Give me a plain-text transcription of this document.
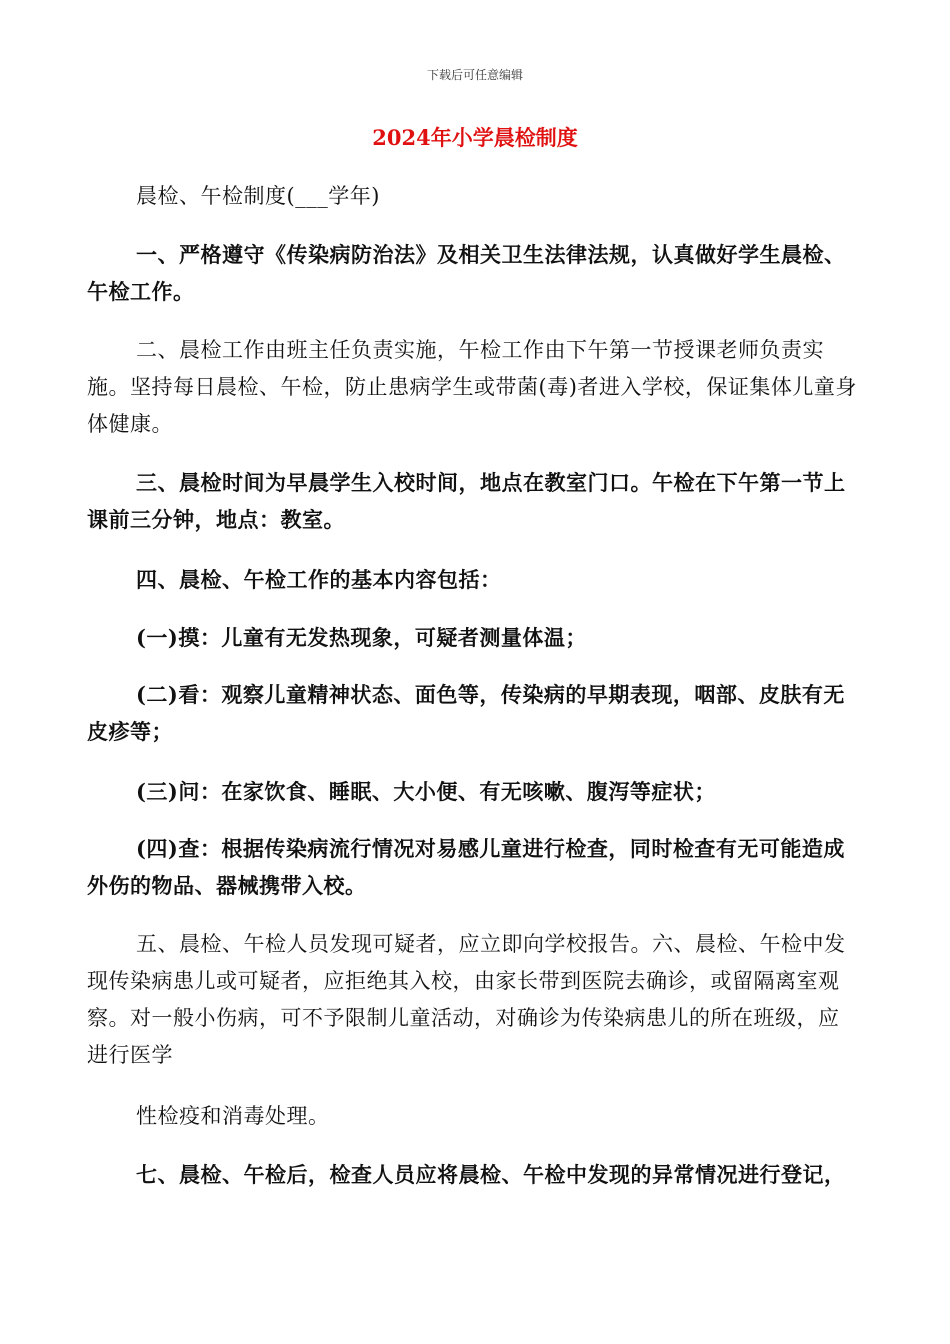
下载后可任意编辑
2024年小学晨检制度

晨检、午检制度(___学年)

一、严格遵守《传染病防治法》及相关卫生法律法规，认真做好学生晨检、午检工作。

二、晨检工作由班主任负责实施，午检工作由下午第一节授课老师负责实施。坚持每日晨检、午检，防止患病学生或带菌(毒)者进入学校，保证集体儿童身体健康。

三、晨检时间为早晨学生入校时间，地点在教室门口。午检在下午第一节上课前三分钟，地点：教室。

四、晨检、午检工作的基本内容包括：

(一)摸：儿童有无发热现象，可疑者测量体温；

(二)看：观察儿童精神状态、面色等，传染病的早期表现，咽部、皮肤有无皮疹等；

(三)问：在家饮食、睡眠、大小便、有无咳嗽、腹泻等症状；

(四)查：根据传染病流行情况对易感儿童进行检查，同时检查有无可能造成外伤的物品、器械携带入校。

五、晨检、午检人员发现可疑者，应立即向学校报告。六、晨检、午检中发现传染病患儿或可疑者，应拒绝其入校，由家长带到医院去确诊，或留隔离室观察。对一般小伤病，可不予限制儿童活动，对确诊为传染病患儿的所在班级，应进行医学

性检疫和消毒处理。

七、晨检、午检后，检查人员应将晨检、午检中发现的异常情况进行登记，
